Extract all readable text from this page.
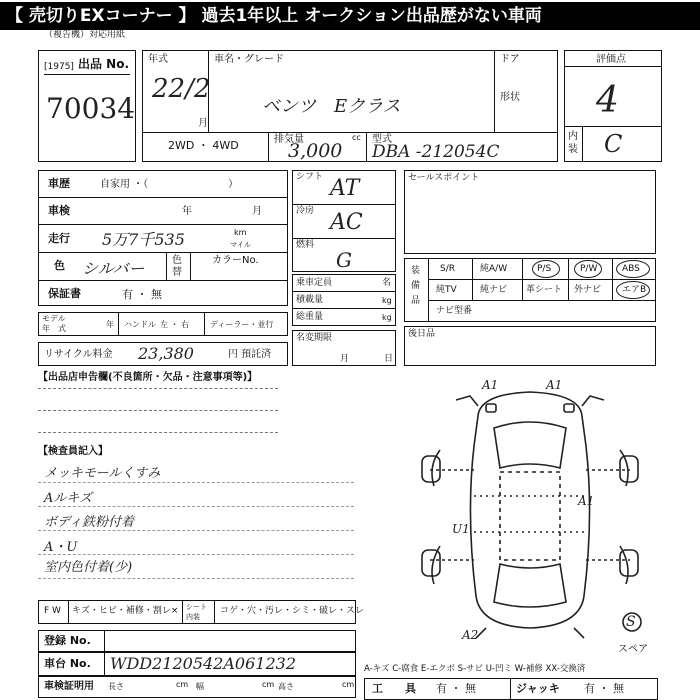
【 売切りEXコーナー 】 過去1年以上 オークション出品歴がない車両
（複告機）対応用紙
[1975] 出品 No.
70034
年式
22/2
月
車名・グレード
ベンツ　Eクラス
ドア
形状
2WD ・ 4WD	排気量
3,000
cc 型式
DBA -212054C
評価点
4
内装 C
車歴	自家用 ・（　　　　　　　　）
車検	年	月
走行 5万7千535	km
マイル
色 シルバー	色
替
カラーNo.
保証書	有 ・ 無
モデル
年　式	年 ハンドル 左 ・ 右	ディーラー・並行
リサイクル料金 23,380	円 預託済
シフト AT
冷房 AC
燃料
G
乗車定員	名
積載量	kg
総重量	kg
名変期限
月	日
セールスポイント
装備品
S/R	純A/W	P/S	P/W	ABS
純TV	純ナビ 革シート 外ナビ エアB
ナビ型番
後日品
【出品店申告欄(不良箇所・欠品・注意事項等)】
【検査員記入】
メッキモールくすみ
Aルキズ
ボディ鉄粉付着
A・U
室内色付着(少)
A1	A1
A1
U1
A2
スペア
S
F W キズ・ヒビ・補修・割レ× シート
内装
コゲ・穴・汚レ・シミ・破レ・スレ
登録 No.
車台 No. WDD2120542A061232
車検証明用 長さ	cm 幅	cm 高さ	cm
A-キズ C-腐食 E-エクボ S-サビ U-凹ミ W-補修 XX-交換済
工　　具 有 ・ 無	ジャッキ 有 ・ 無
